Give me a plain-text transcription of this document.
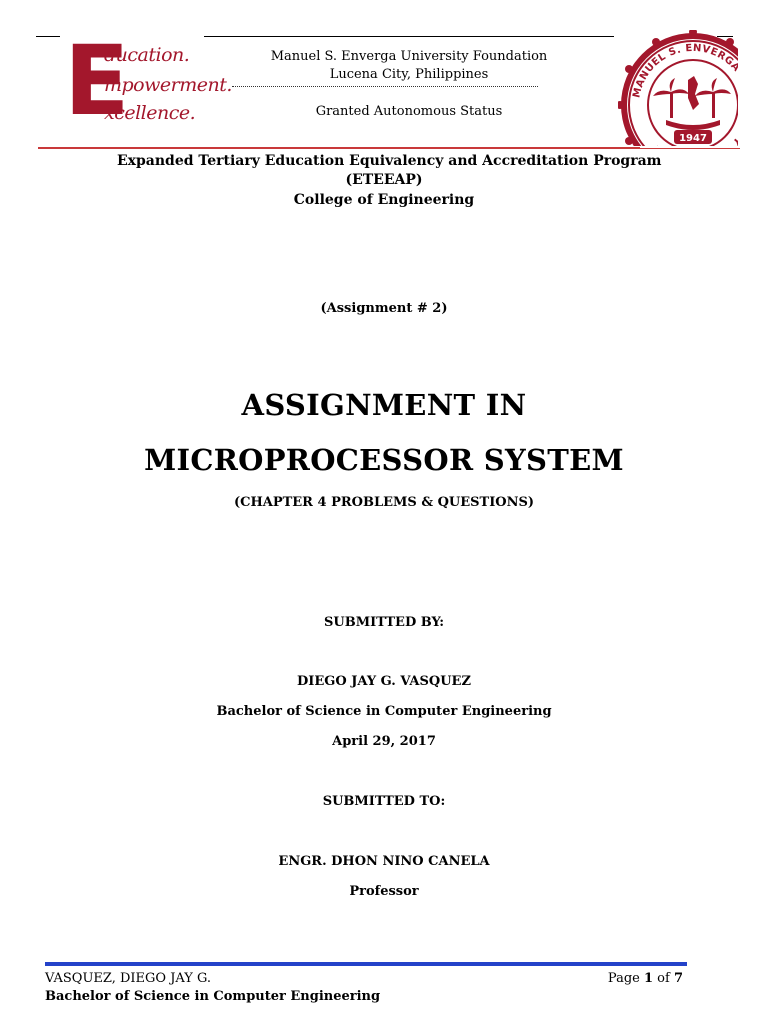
E
ducation.
mpowerment.
xcellence.
Manuel S. Enverga University Foundation
Lucena City, Philippines
Granted Autonomous Status
MANUEL S. ENVERGA UNIVERSITY FOUNDATION
1947
Expanded Tertiary Education Equivalency and Accreditation Program
(ETEEAP)
College of Engineering
(Assignment # 2)
ASSIGNMENT IN
MICROPROCESSOR SYSTEM
(CHAPTER 4 PROBLEMS & QUESTIONS)
SUBMITTED BY:
DIEGO JAY G. VASQUEZ
Bachelor of Science in Computer Engineering
April 29, 2017
SUBMITTED TO:
ENGR. DHON NINO CANELA
Professor
VASQUEZ, DIEGO JAY G.
Bachelor of Science in Computer Engineering
Page 1 of 7
